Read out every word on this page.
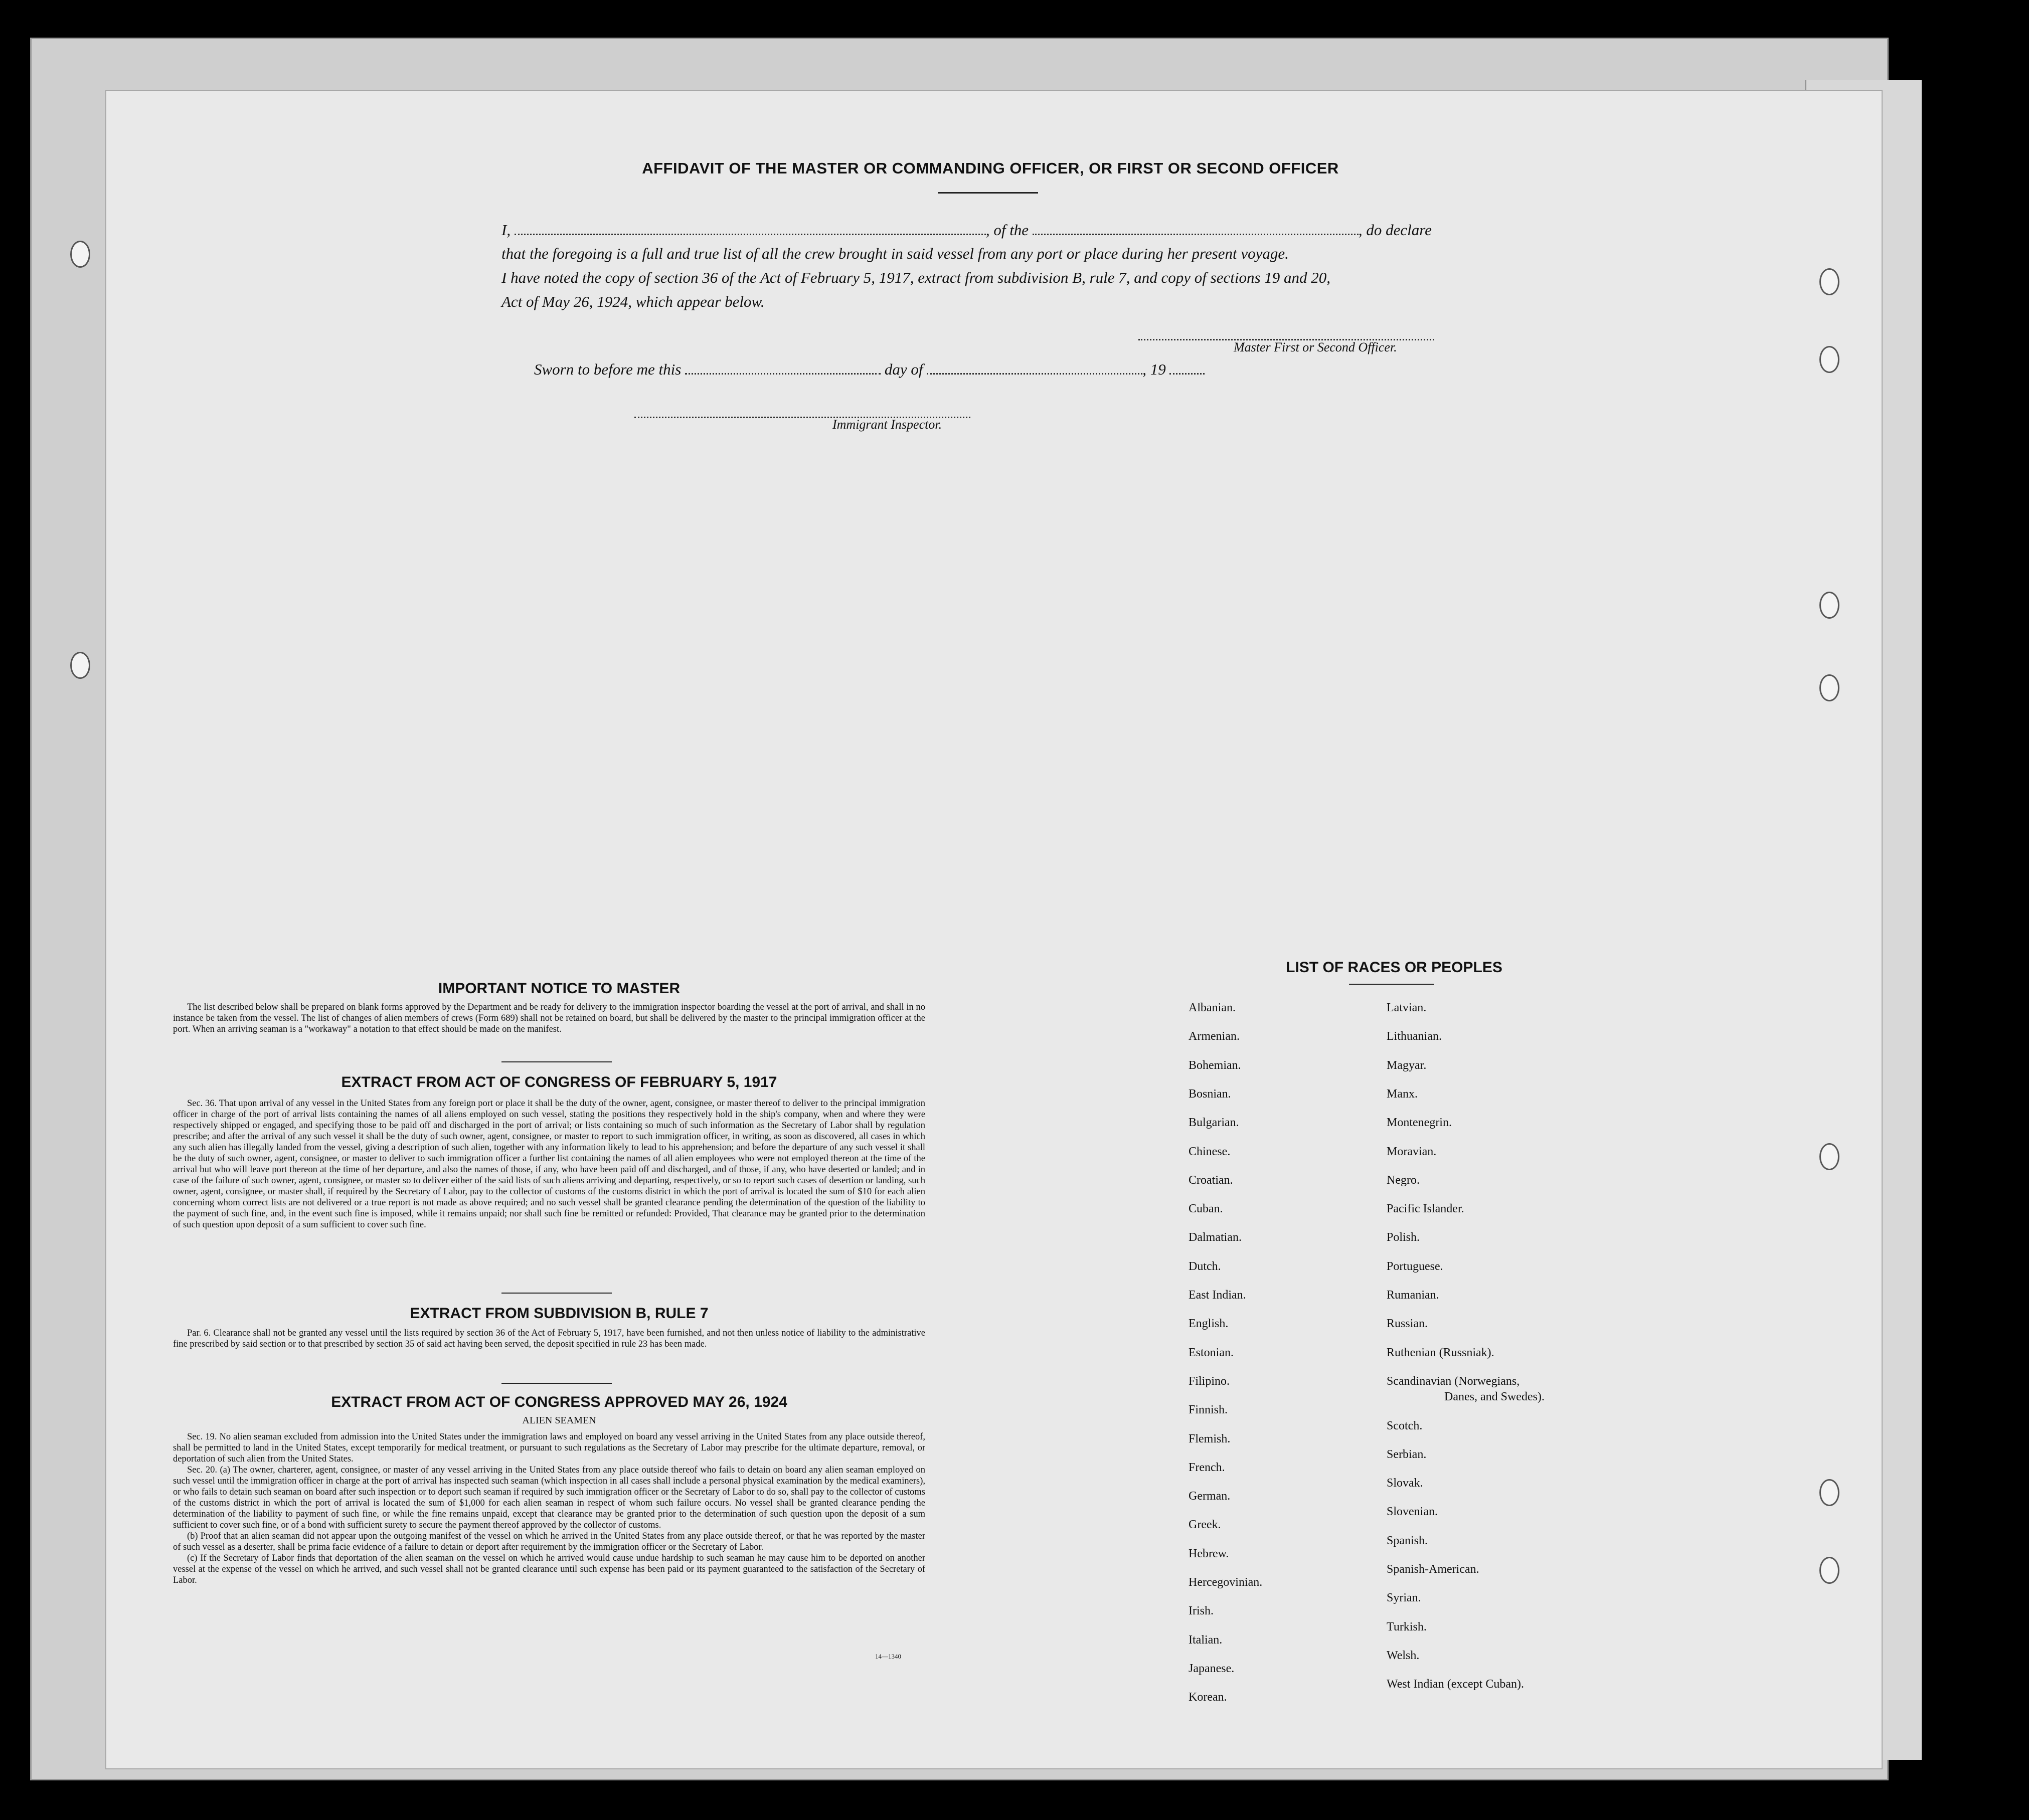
AFFIDAVIT OF THE MASTER OR COMMANDING OFFICER, OR FIRST OR SECOND OFFICER
I,	, of the	, do declare
that the foregoing is a full and true list of all the crew brought in said vessel from any port or place during her present voyage.
I have noted the copy of section 36 of the Act of February 5, 1917, extract from subdivision B, rule 7, and copy of sections 19 and 20,
Act of May 26, 1924, which appear below.
Master First or Second Officer.
Sworn to before me this	day of	, 19
Immigrant Inspector.
IMPORTANT NOTICE TO MASTER

The list described below shall be prepared on blank forms approved by the Department and be ready for delivery to the immigration inspector boarding the vessel at the port of arrival, and shall in no instance be taken from the vessel. The list of changes of alien members of crews (Form 689) shall not be retained on board, but shall be delivered by the master to the principal immigration officer at the port. When an arriving seaman is a "workaway" a notation to that effect should be made on the manifest.

EXTRACT FROM ACT OF CONGRESS OF FEBRUARY 5, 1917

Sec. 36. That upon arrival of any vessel in the United States from any foreign port or place it shall be the duty of the owner, agent, consignee, or master thereof to deliver to the principal immigration officer in charge of the port of arrival lists containing the names of all aliens employed on such vessel, stating the positions they respectively hold in the ship's company, when and where they were respectively shipped or engaged, and specifying those to be paid off and discharged in the port of arrival; or lists containing so much of such information as the Secretary of Labor shall by regulation prescribe; and after the arrival of any such vessel it shall be the duty of such owner, agent, consignee, or master to report to such immigration officer, in writing, as soon as discovered, all cases in which any such alien has illegally landed from the vessel, giving a description of such alien, together with any information likely to lead to his apprehension; and before the departure of any such vessel it shall be the duty of such owner, agent, consignee, or master to deliver to such immigration officer a further list containing the names of all alien employees who were not employed thereon at the time of the arrival but who will leave port thereon at the time of her departure, and also the names of those, if any, who have been paid off and discharged, and of those, if any, who have deserted or landed; and in case of the failure of such owner, agent, consignee, or master so to deliver either of the said lists of such aliens arriving and departing, respectively, or so to report such cases of desertion or landing, such owner, agent, consignee, or master shall, if required by the Secretary of Labor, pay to the collector of customs of the customs district in which the port of arrival is located the sum of $10 for each alien concerning whom correct lists are not delivered or a true report is not made as above required; and no such vessel shall be granted clearance pending the determination of the question of the liability to the payment of such fine, and, in the event such fine is imposed, while it remains unpaid; nor shall such fine be remitted or refunded: Provided, That clearance may be granted prior to the determination of such question upon deposit of a sum sufficient to cover such fine.

EXTRACT FROM SUBDIVISION B, RULE 7

Par. 6. Clearance shall not be granted any vessel until the lists required by section 36 of the Act of February 5, 1917, have been furnished, and not then unless notice of liability to the administrative fine prescribed by said section or to that prescribed by section 35 of said act having been served, the deposit specified in rule 23 has been made.

EXTRACT FROM ACT OF CONGRESS APPROVED MAY 26, 1924
ALIEN SEAMEN

Sec. 19. No alien seaman excluded from admission into the United States under the immigration laws and employed on board any vessel arriving in the United States from any place outside thereof, shall be permitted to land in the United States, except temporarily for medical treatment, or pursuant to such regulations as the Secretary of Labor may prescribe for the ultimate departure, removal, or deportation of such alien from the United States.

Sec. 20. (a) The owner, charterer, agent, consignee, or master of any vessel arriving in the United States from any place outside thereof who fails to detain on board any alien seaman employed on such vessel until the immigration officer in charge at the port of arrival has inspected such seaman (which inspection in all cases shall include a personal physical examination by the medical examiners), or who fails to detain such seaman on board after such inspection or to deport such seaman if required by such immigration officer or the Secretary of Labor to do so, shall pay to the collector of customs of the customs district in which the port of arrival is located the sum of $1,000 for each alien seaman in respect of whom such failure occurs. No vessel shall be granted clearance pending the determination of the liability to payment of such fine, or while the fine remains unpaid, except that clearance may be granted prior to the determination of such question upon the deposit of a sum sufficient to cover such fine, or of a bond with sufficient surety to secure the payment thereof approved by the collector of customs.

(b) Proof that an alien seaman did not appear upon the outgoing manifest of the vessel on which he arrived in the United States from any place outside thereof, or that he was reported by the master of such vessel as a deserter, shall be prima facie evidence of a failure to detain or deport after requirement by the immigration officer or the Secretary of Labor.

(c) If the Secretary of Labor finds that deportation of the alien seaman on the vessel on which he arrived would cause undue hardship to such seaman he may cause him to be deported on another vessel at the expense of the vessel on which he arrived, and such vessel shall not be granted clearance until such expense has been paid or its payment guaranteed to the satisfaction of the Secretary of Labor.

14—1340
LIST OF RACES OR PEOPLES
Albanian.
Armenian.
Bohemian.
Bosnian.
Bulgarian.
Chinese.
Croatian.
Cuban.
Dalmatian.
Dutch.
East Indian.
English.
Estonian.
Filipino.
Finnish.
Flemish.
French.
German.
Greek.
Hebrew.
Hercegovinian.
Irish.
Italian.
Japanese.
Korean.
Latvian.
Lithuanian.
Magyar.
Manx.
Montenegrin.
Moravian.
Negro.
Pacific Islander.
Polish.
Portuguese.
Rumanian.
Russian.
Ruthenian (Russniak).
Scandinavian (Norwegians,
Danes, and Swedes).
Scotch.
Serbian.
Slovak.
Slovenian.
Spanish.
Spanish-American.
Syrian.
Turkish.
Welsh.
West Indian (except Cuban).
